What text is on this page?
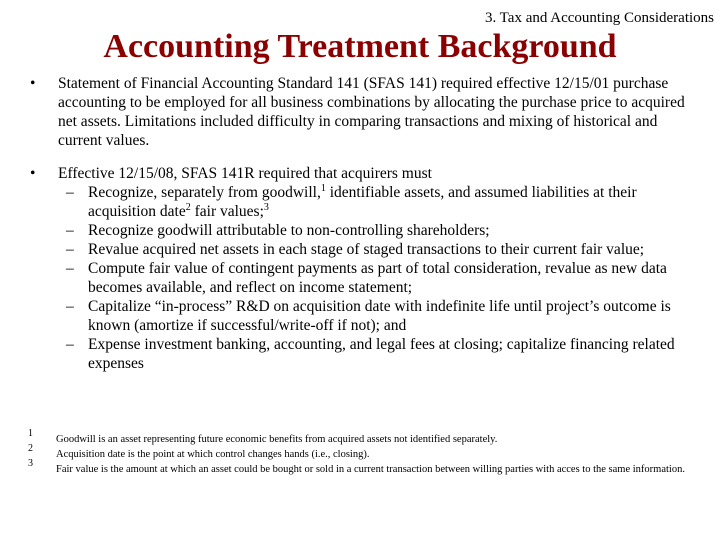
3. Tax and Accounting Considerations
Accounting Treatment Background
• Statement of Financial Accounting Standard 141 (SFAS 141) required effective 12/15/01 purchase accounting to be employed for all business combinations by allocating the purchase price to acquired net assets. Limitations included difficulty in comparing transactions and mixing of historical and current values.
• Effective 12/15/08, SFAS 141R required that acquirers must
– Recognize, separately from goodwill,$^1$ identifiable assets, and assumed liabilities at their acquisition date$^2$ fair values;$^3$
– Recognize goodwill attributable to non-controlling shareholders;
– Revalue acquired net assets in each stage of staged transactions to their current fair value;
– Compute fair value of contingent payments as part of total consideration, revalue as new data becomes available, and reflect on income statement;
– Capitalize “in-process” R&D on acquisition date with indefinite life until project’s outcome is known (amortize if successful/write-off if not); and
– Expense investment banking, accounting, and legal fees at closing; capitalize financing related expenses
1
Goodwill is an asset representing future economic benefits from acquired assets not identified separately.
2
Acquisition date is the point at which control changes hands (i.e., closing).
3
Fair value is the amount at which an asset could be bought or sold in a current transaction between willing parties with acces to the same information.
